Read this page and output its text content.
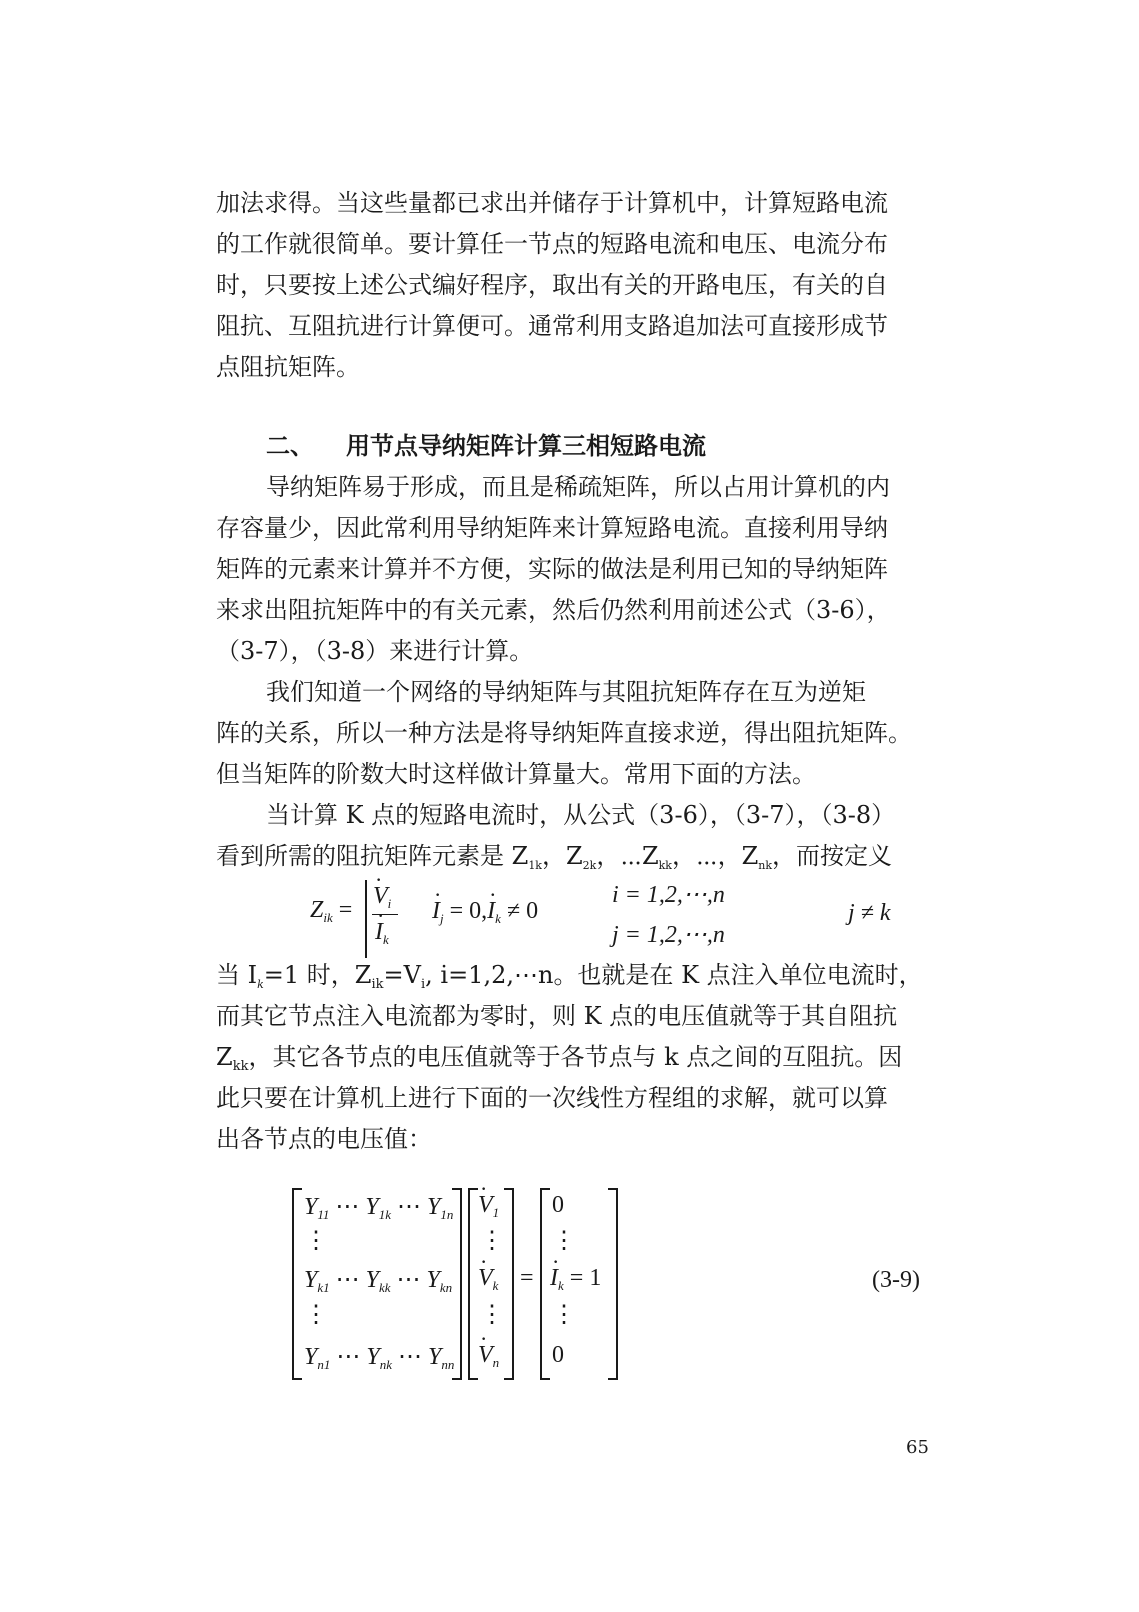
加法求得。当这些量都已求出并储存于计算机中，计算短路电流
的工作就很简单。要计算任一节点的短路电流和电压、电流分布
时，只要按上述公式编好程序，取出有关的开路电压，有关的自
阻抗、互阻抗进行计算便可。通常利用支路追加法可直接形成节
点阻抗矩阵。
二、 用节点导纳矩阵计算三相短路电流
导纳矩阵易于形成，而且是稀疏矩阵，所以占用计算机的内
存容量少，因此常利用导纳矩阵来计算短路电流。直接利用导纳
矩阵的元素来计算并不方便，实际的做法是利用已知的导纳矩阵
来求出阻抗矩阵中的有关元素，然后仍然利用前述公式（3-6），
（3-7），（3-8）来进行计算。
我们知道一个网络的导纳矩阵与其阻抗矩阵存在互为逆矩
阵的关系，所以一种方法是将导纳矩阵直接求逆，得出阻抗矩阵。
但当矩阵的阶数大时这样做计算量大。常用下面的方法。
当计算 K 点的短路电流时，从公式（3-6），（3-7），（3-8）
看到所需的阻抗矩阵元素是 $Z_{1k}$，$Z_{2k}$，$\cdots Z_{kk}$，⋯，$Z_{nk}$，而按定义
$Z_{ik}$ =
· $V_i$
· $I_k$
· $I_j = 0,\cdot I_k \ne 0$
i = 1,2,⋯,n
j = 1,2,⋯,n
j ≠ k
当 $I_k=1$ 时，$Z_{ik}=V_i$, i=1,2,⋯n。也就是在 K 点注入单位电流时，
而其它节点注入电流都为零时，则 K 点的电压值就等于其自阻抗
$Z_{kk}$，其它各节点的电压值就等于各节点与 k 点之间的互阻抗。因
此只要在计算机上进行下面的一次线性方程组的求解，就可以算
出各节点的电压值：
$Y_{11}$ ⋯ $Y_{1k}$ ⋯ $Y_{1n}$
⋮
$Y_{k1}$ ⋯ $Y_{kk}$ ⋯ $Y_{kn}$
⋮
$Y_{n1}$ ⋯ $Y_{nk}$ ⋯ $Y_{nn}$
· $V_1$
⋮
· $V_k$
⋮
· $V_n$
=
0
⋮
· $I_k = 1$
⋮
0
(3-9)
65
